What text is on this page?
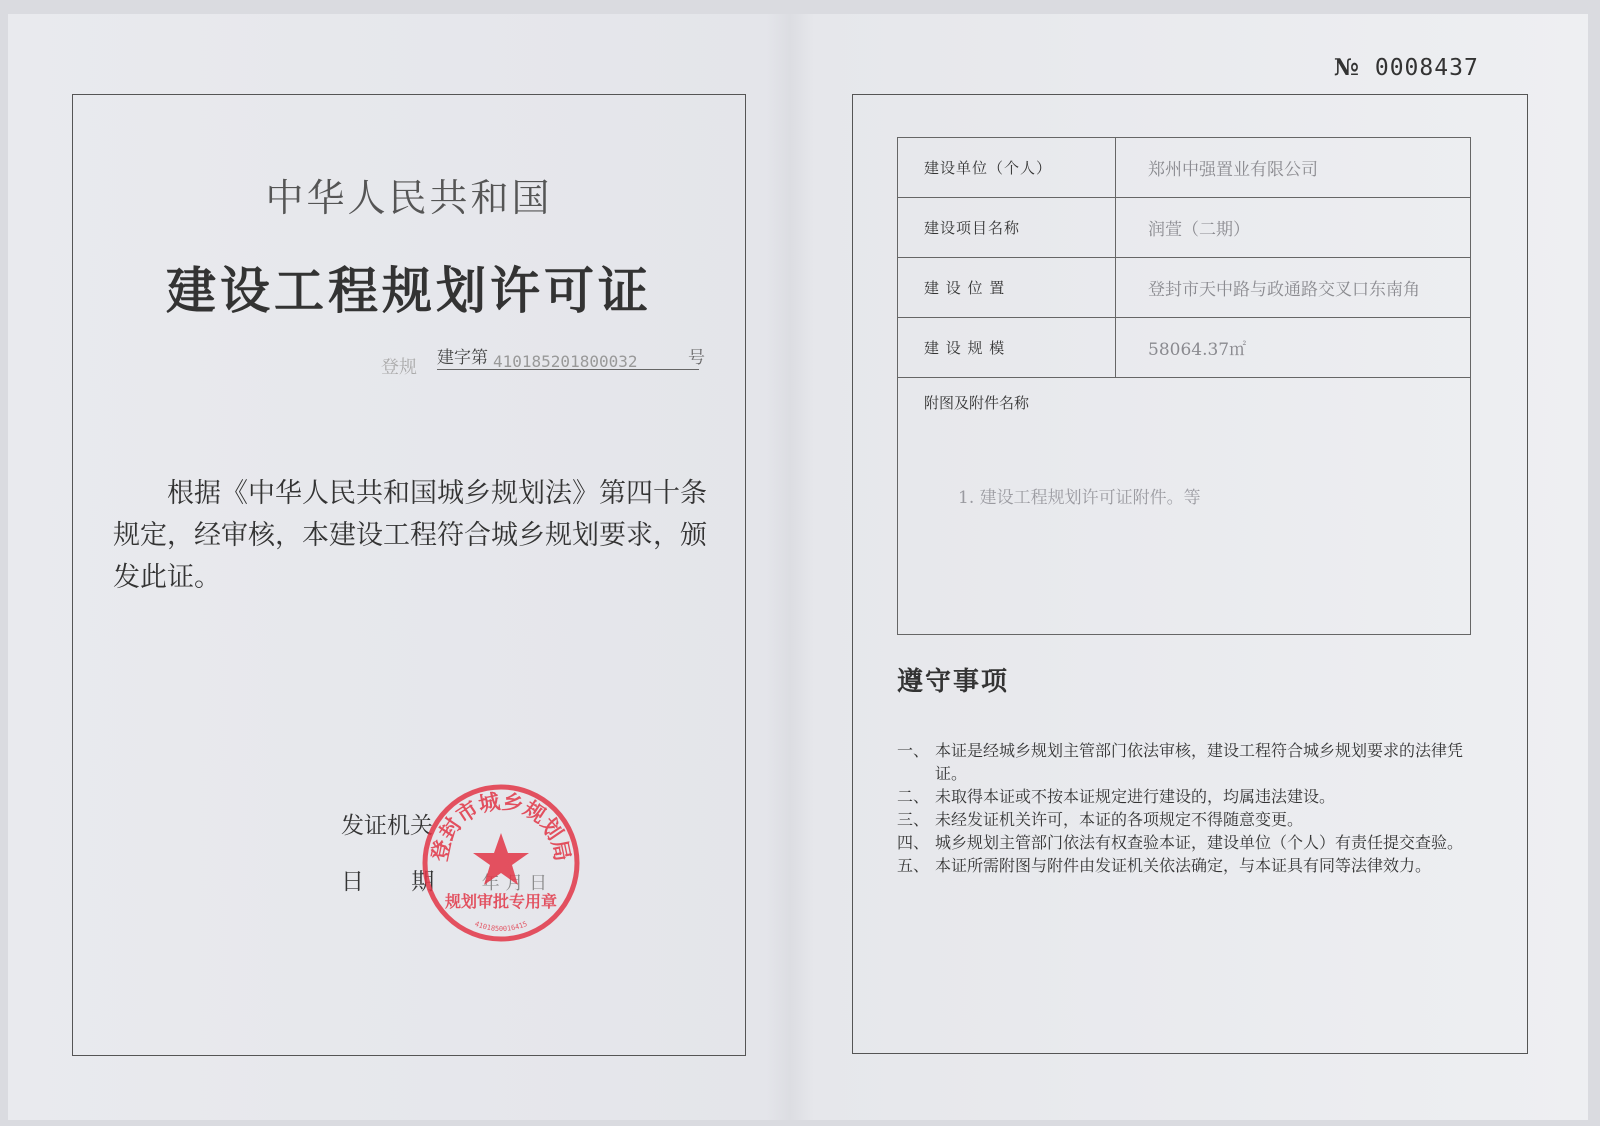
№ 0008437
中华人民共和国
建设工程规划许可证
登规 建字第 410185201800032	号
根据《中华人民共和国城乡规划法》第四十条规定，经审核，本建设工程符合城乡规划要求，颁发此证。
发证机关
日 期	年 月 日
登封市城乡规划局
规划审批专用章
4101850016415
建设单位（个人）	郑州中强置业有限公司
建设项目名称	润萱（二期）
建 设 位 置	登封市天中路与政通路交叉口东南角
建 设 规 模	58064.37㎡

附图及附件名称
1. 建设工程规划许可证附件。等	
遵守事项
一、 本证是经城乡规划主管部门依法审核，建设工程符合城乡规划要求的法律凭证。
二、 未取得本证或不按本证规定进行建设的，均属违法建设。
三、 未经发证机关许可，本证的各项规定不得随意变更。
四、 城乡规划主管部门依法有权查验本证，建设单位（个人）有责任提交查验。
五、 本证所需附图与附件由发证机关依法确定，与本证具有同等法律效力。
